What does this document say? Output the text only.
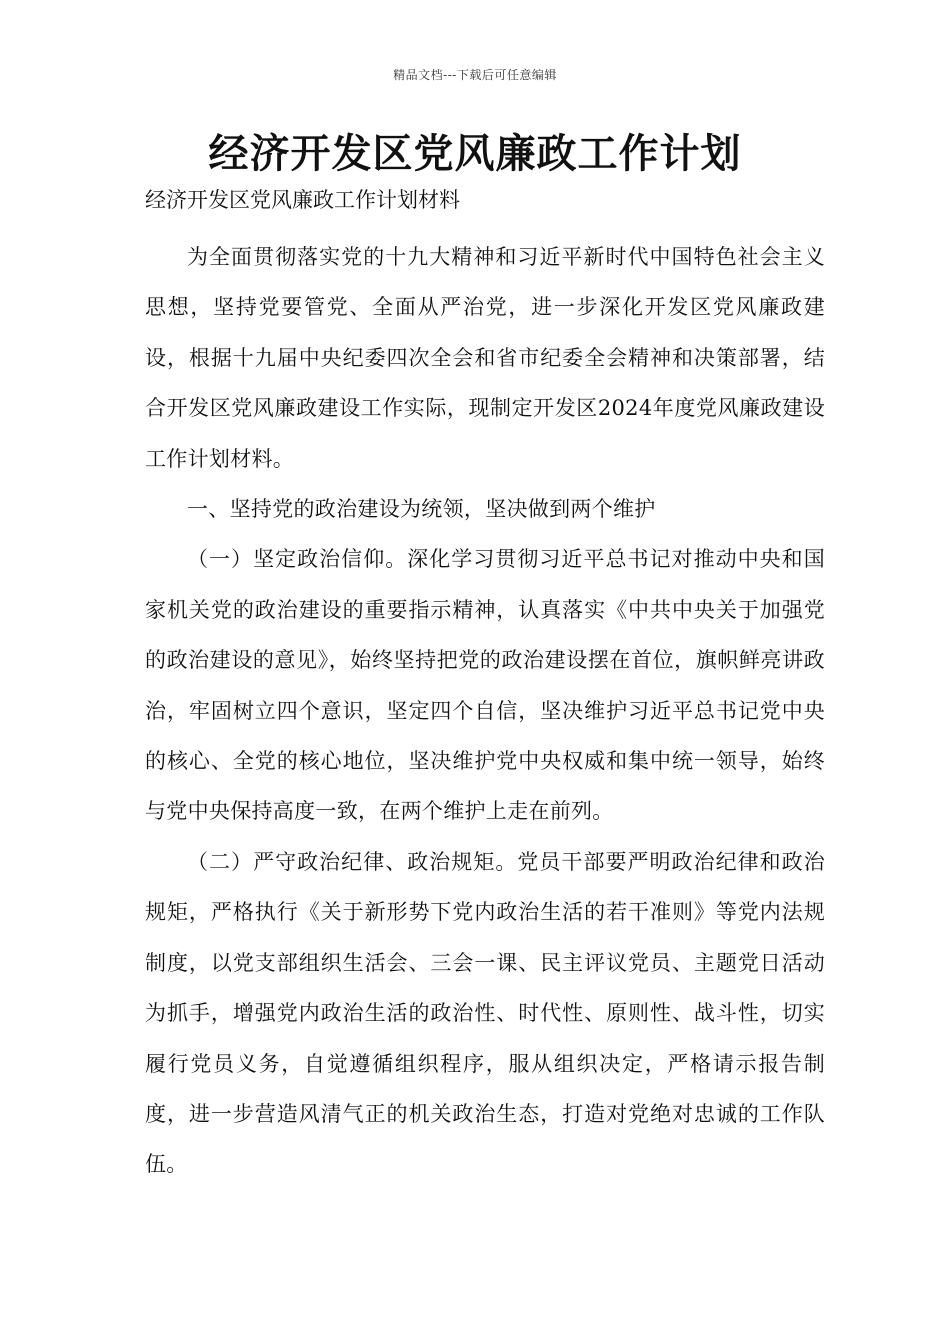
精品文档---下载后可任意编辑
经济开发区党风廉政工作计划

经济开发区党风廉政工作计划材料

为全面贯彻落实党的十九大精神和习近平新时代中国特色社会主义思想，坚持党要管党、全面从严治党，进一步深化开发区党风廉政建设，根据十九届中央纪委四次全会和省市纪委全会精神和决策部署，结合开发区党风廉政建设工作实际，现制定开发区2024年度党风廉政建设工作计划材料。

一、坚持党的政治建设为统领，坚决做到两个维护

（一）坚定政治信仰。深化学习贯彻习近平总书记对推动中央和国家机关党的政治建设的重要指示精神，认真落实《中共中央关于加强党的政治建设的意见》，始终坚持把党的政治建设摆在首位，旗帜鲜亮讲政治，牢固树立四个意识，坚定四个自信，坚决维护习近平总书记党中央的核心、全党的核心地位，坚决维护党中央权威和集中统一领导，始终与党中央保持高度一致，在两个维护上走在前列。

（二）严守政治纪律、政治规矩。党员干部要严明政治纪律和政治规矩，严格执行《关于新形势下党内政治生活的若干准则》等党内法规制度，以党支部组织生活会、三会一课、民主评议党员、主题党日活动为抓手，增强党内政治生活的政治性、时代性、原则性、战斗性，切实履行党员义务，自觉遵循组织程序，服从组织决定，严格请示报告制度，进一步营造风清气正的机关政治生态，打造对党绝对忠诚的工作队伍。
